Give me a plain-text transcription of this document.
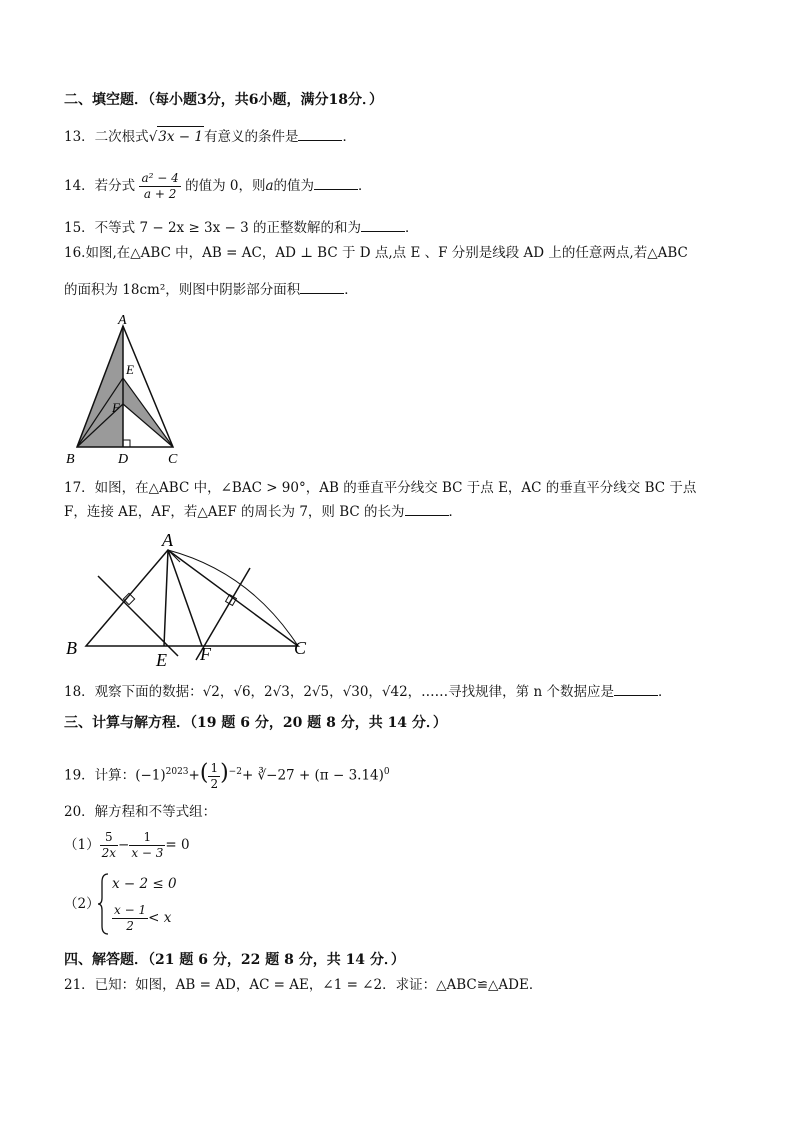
二、填空题．（每小题3分，共6小题，满分18分．）
13．二次根式√3x − 1有意义的条件是	．
14．若分式 $\frac{\text{a² − 4}}{a + 2}$ 的值为 0，则a的值为	．
15．不等式 7 − 2x ≥ 3x − 3 的正整数解的和为	．
16.如图,在△ABC 中，AB = AC，AD ⊥ BC 于 D 点,点 E 、F 分别是线段 AD 上的任意两点,若△ABC
的面积为 18cm²，则图中阴影部分面积	．
A
E
F
B	D	C
17．如图，在△ABC 中，∠BAC > 90°，AB 的垂直平分线交 BC 于点 E，AC 的垂直平分线交 BC 于点
F，连接 AE，AF，若△AEF 的周长为 7，则 BC 的长为	．
A
B
E F	C
18．观察下面的数据：√2，√6，2√3，2√5，√30，√42，……寻找规律，第 n 个数据应是	．
三、计算与解方程．（19 题 6 分，20 题 8 分，共 14 分．）
19．计算：$(-1)^{2023}+( \frac{1}{2} )^{-2}+$ ∛−27 + $(\pi - 3.14)^0$
20．解方程和不等式组：
$(1) \frac{5}{2x} - \frac{1}{x - 3} = 0$
（2）
x − 2 ≤ 0
$\frac{x - 1}{2} < x$
四、解答题．（21 题 6 分，22 题 8 分，共 14 分．）
21．已知：如图，AB = AD，AC = AE，∠1 = ∠2．求证：△ABC≌△ADE．
